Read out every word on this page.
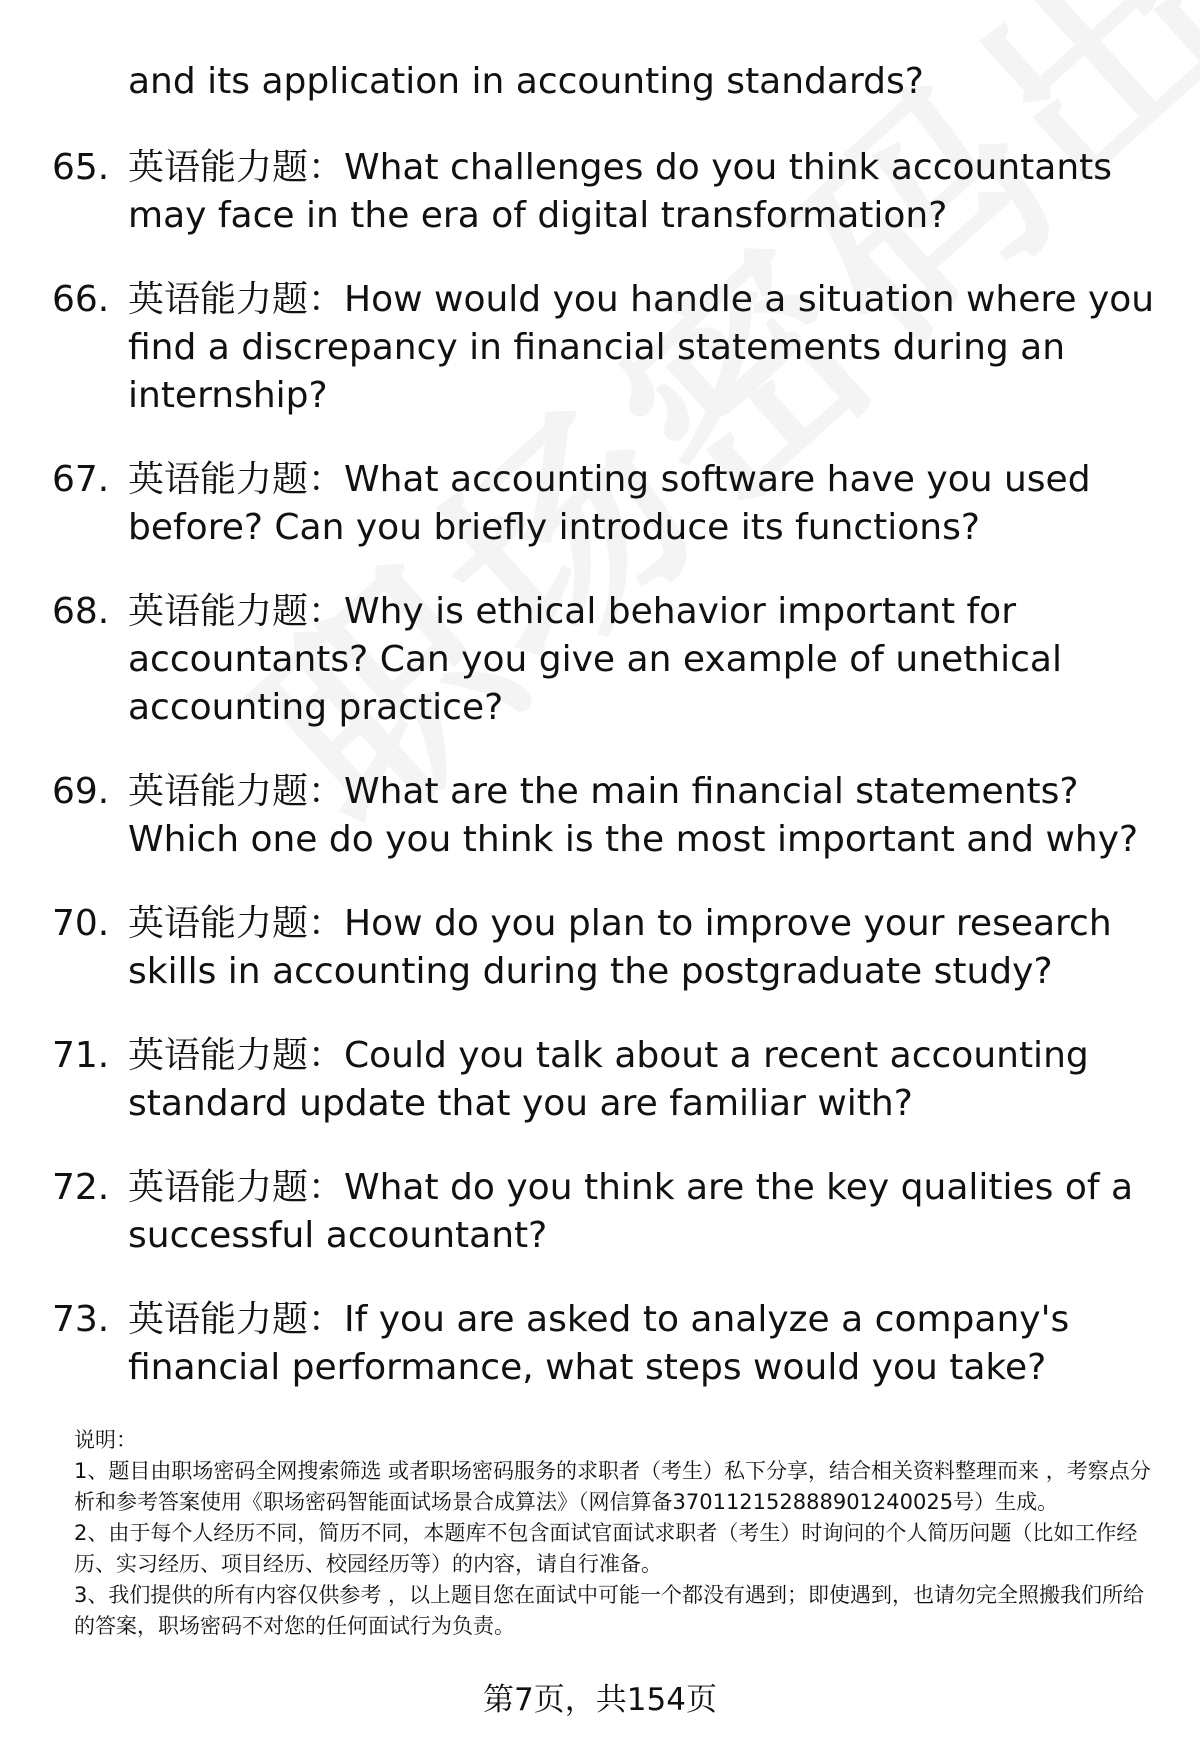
and its application in accounting standards?
65. 英语能力题：What challenges do you think accountants may face in the era of digital transformation?
66. 英语能力题：How would you handle a situation where you find a discrepancy in financial statements during an internship?
67. 英语能力题：What accounting software have you used before? Can you briefly introduce its functions?
68. 英语能力题：Why is ethical behavior important for accountants? Can you give an example of unethical accounting practice?
69. 英语能力题：What are the main financial statements? Which one do you think is the most important and why?
70. 英语能力题：How do you plan to improve your research skills in accounting during the postgraduate study?
71. 英语能力题：Could you talk about a recent accounting standard update that you are familiar with?
72. 英语能力题：What do you think are the key qualities of a successful accountant?
73. 英语能力题：If you are asked to analyze a company's financial performance, what steps would you take?
说明：
1、题目由职场密码全网搜索筛选 或者职场密码服务的求职者（考生）私下分享，结合相关资料整理而来 ，考察点分析和参考答案使用《职场密码智能面试场景合成算法》（网信算备370112152888901240025号）生成。
2、由于每个人经历不同，简历不同，本题库不包含面试官面试求职者（考生）时询问的个人简历问题（比如工作经历、实习经历、项目经历、校园经历等）的内容，请自行准备。
3、我们提供的所有内容仅供参考 ，以上题目您在面试中可能一个都没有遇到；即使遇到，也请勿完全照搬我们所给的答案，职场密码不对您的任何面试行为负责。
第7页，共154页
